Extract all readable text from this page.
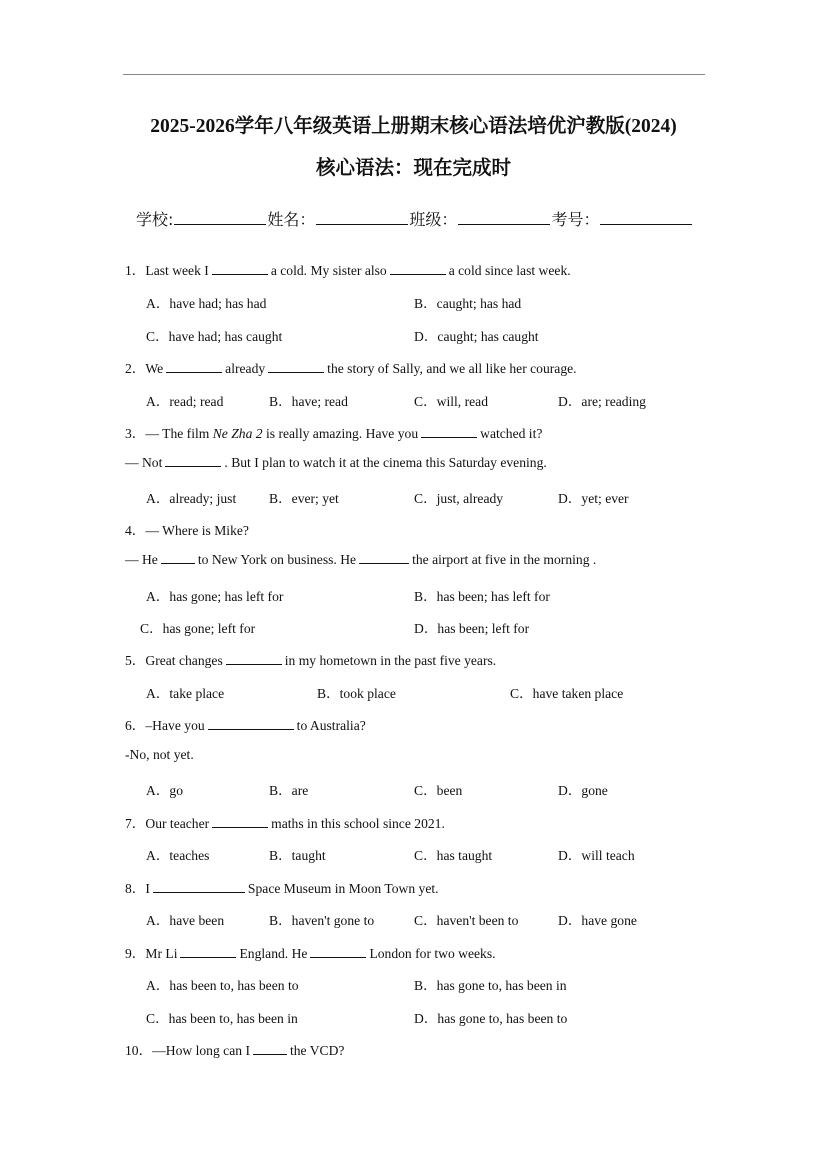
2025-2026学年八年级英语上册期末核心语法培优沪教版(2024)
核心语法：现在完成时
学校:	姓名：	班级：	考号：
1．Last week I	a cold. My sister also	a cold since last week.
A．have had; has had	B．caught; has had
C．have had; has caught	D．caught; has caught
2．We	already	the story of Sally, and we all like her courage.
A．read; read	B．have; read	C．will, read	D．are; reading
3．— The film Ne Zha 2 is really amazing. Have you	watched it?
— Not	. But I plan to watch it at the cinema this Saturday evening.
A．already; just B．ever; yet	C．just, already	D．yet; ever
4．— Where is Mike?
— He	to New York on business. He	the airport at five in the morning .
A．has gone; has left for	B．has been; has left for
C．has gone; left for	D．has been; left for
5．Great changes	in my hometown in the past five years.
A．take place	B．took place	C．have taken place
6．–Have you	to Australia?
-No, not yet.
A．go	B．are	C．been	D．gone
7．Our teacher	maths in this school since 2021.
A．teaches	B．taught	C．has taught	D．will teach
8．I	Space Museum in Moon Town yet.
A．have been	B．haven't gone to	C．haven't been to	D．have gone
9．Mr Li	England. He	London for two weeks.
A．has been to, has been to	B．has gone to, has been in
C．has been to, has been in	D．has gone to, has been to
10．—How long can I	the VCD?
